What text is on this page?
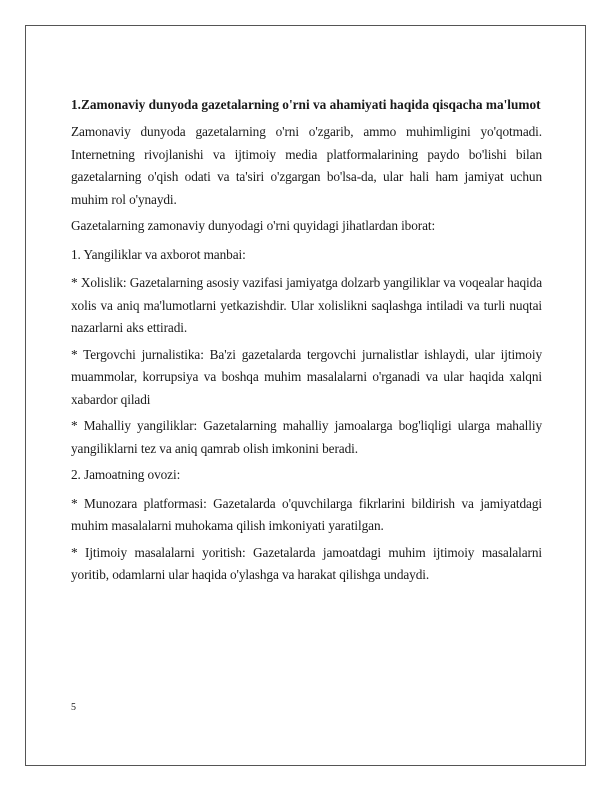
1.Zamonaviy dunyoda gazetalarning o'rni va ahamiyati haqida qisqacha ma'lumot

Zamonaviy dunyoda gazetalarning o'rni o'zgarib, ammo muhimligini yo'qotmadi. Internetning rivojlanishi va ijtimoiy media platformalarining paydo bo'lishi bilan gazetalarning o'qish odati va ta'siri o'zgargan bo'lsa-da, ular hali ham jamiyat uchun muhim rol o'ynaydi.

Gazetalarning zamonaviy dunyodagi o'rni quyidagi jihatlardan iborat:

1. Yangiliklar va axborot manbai:

* Xolislik: Gazetalarning asosiy vazifasi jamiyatga dolzarb yangiliklar va voqealar haqida xolis va aniq ma'lumotlarni yetkazishdir. Ular xolislikni saqlashga intiladi va turli nuqtai nazarlarni aks ettiradi.

* Tergovchi jurnalistika: Ba'zi gazetalarda tergovchi jurnalistlar ishlaydi, ular ijtimoiy muammolar, korrupsiya va boshqa muhim masalalarni o'rganadi va ular haqida xalqni xabardor qiladi

* Mahalliy yangiliklar: Gazetalarning mahalliy jamoalarga bog'liqligi ularga mahalliy yangiliklarni tez va aniq qamrab olish imkonini beradi.

2. Jamoatning ovozi:

* Munozara platformasi: Gazetalarda o'quvchilarga fikrlarini bildirish va jamiyatdagi muhim masalalarni muhokama qilish imkoniyati yaratilgan.

* Ijtimoiy masalalarni yoritish: Gazetalarda jamoatdagi muhim ijtimoiy masalalarni yoritib, odamlarni ular haqida o'ylashga va harakat qilishga undaydi.

5
